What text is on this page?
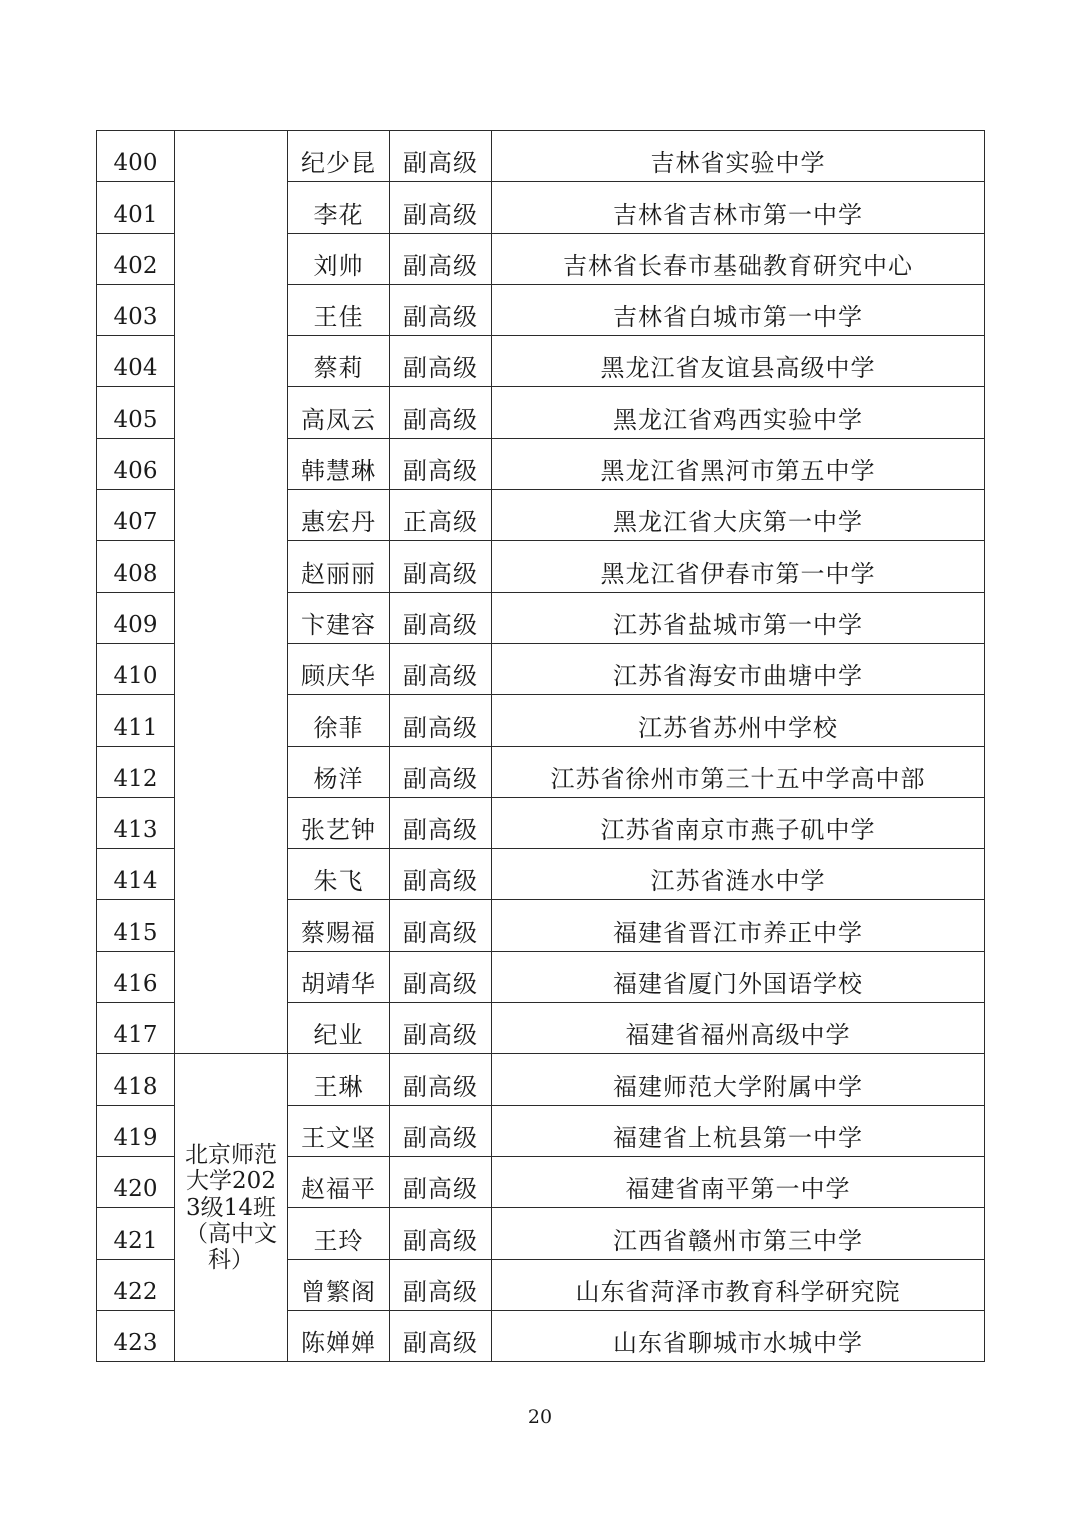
400		纪少昆	副高级	吉林省实验中学

401		李花	副高级	吉林省吉林市第一中学

402		刘帅	副高级	吉林省长春市基础教育研究中心

403		王佳	副高级	吉林省白城市第一中学

404		蔡莉	副高级	黑龙江省友谊县高级中学

405		高凤云	副高级	黑龙江省鸡西实验中学

406		韩慧琳	副高级	黑龙江省黑河市第五中学

407		惠宏丹	正高级	黑龙江省大庆第一中学

408		赵丽丽	副高级	黑龙江省伊春市第一中学

409		卞建容	副高级	江苏省盐城市第一中学

410		顾庆华	副高级	江苏省海安市曲塘中学

411		徐菲	副高级	江苏省苏州中学校

412		杨洋	副高级	江苏省徐州市第三十五中学高中部

413		张艺钟	副高级	江苏省南京市燕子矶中学

414		朱飞	副高级	江苏省涟水中学

415		蔡赐福	副高级	福建省晋江市养正中学

416		胡靖华	副高级	福建省厦门外国语学校

417		纪业	副高级	福建省福州高级中学

418	北京师范大学2023级14班（高中文科）	王琳	副高级	福建师范大学附属中学

419		王文坚	副高级	福建省上杭县第一中学

420		赵福平	副高级	福建省南平第一中学

421		王玲	副高级	江西省赣州市第三中学

422		曾繁阁	副高级	山东省菏泽市教育科学研究院

423		陈婵婵	副高级	山东省聊城市水城中学
20
